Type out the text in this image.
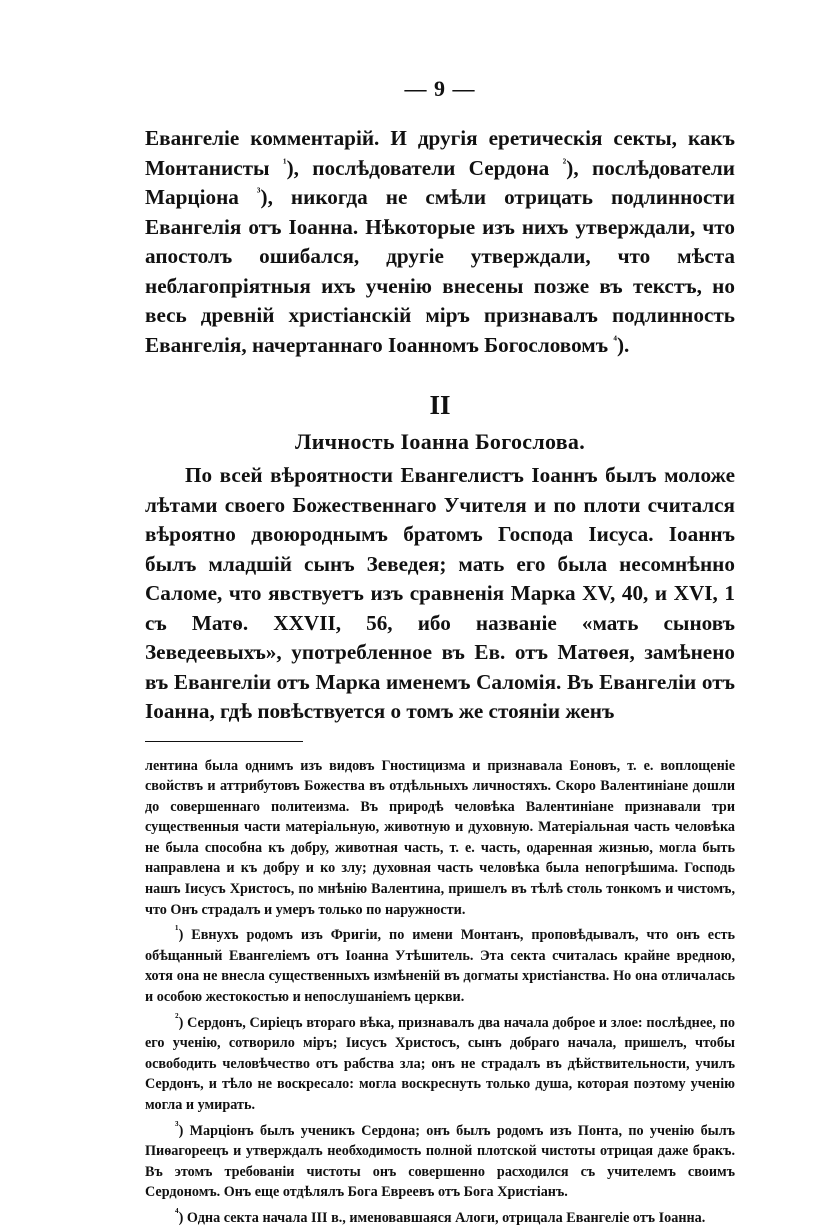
— 9 —

Евангеліе комментарій. И другія еретическія секты, какъ Монтанисты $^{^1}$), послѣдователи Сердона $^{^2}$), послѣдователи Марціона $^{^3}$), никогда не смѣли отрицать подлинности Евангелія отъ Іоанна. Нѣкоторые изъ нихъ утверждали, что апостолъ ошибался, другіе утверждали, что мѣста неблагопріятныя ихъ ученію внесены позже въ текстъ, но весь древній христіанскій міръ признавалъ подлинность Евангелія, начертаннаго Іоанномъ Богословомъ $^{^4}$).

II
Личность Іоанна Богослова.

По всей вѣроятности Евангелистъ Іоаннъ былъ моложе лѣтами своего Божественнаго Учителя и по плоти считался вѣроятно двоюроднымъ братомъ Господа Іисуса. Іоаннъ былъ младшій сынъ Зеведея; мать его была несомнѣнно Саломе, что явствуетъ изъ сравненія Марка XV, 40, и XVI, 1 съ Матѳ. XXVII, 56, ибо названіе «мать сыновъ Зеведеевыхъ», употребленное въ Ев. отъ Матѳея, замѣнено въ Евангеліи отъ Марка именемъ Саломія. Въ Евангеліи отъ Іоанна, гдѣ повѣствуется о томъ же стояніи женъ

лентина была однимъ изъ видовъ Гностицизма и признавала Еоновъ, т. е. воплощеніе свойствъ и аттрибутовъ Божества въ отдѣльныхъ личностяхъ. Скоро Валентиніане дошли до совершеннаго политеизма. Въ природѣ человѣка Валентиніане признавали три существенныя части матеріальную, животную и духовную. Матеріальная часть человѣка не была способна къ добру, животная часть, т. е. часть, одаренная жизнью, могла быть направлена и къ добру и ко злу; духовная часть человѣка была непогрѣшима. Господь нашъ Іисусъ Христосъ, по мнѣнію Валентина, пришелъ въ тѣлѣ столь тонкомъ и чистомъ, что Онъ страдалъ и умеръ только по наружности.

$^{^1}$) Евнухъ родомъ изъ Фригіи, по имени Монтанъ, проповѣдывалъ, что онъ есть обѣщанный Евангеліемъ отъ Іоанна Утѣшитель. Эта секта считалась крайне вредною, хотя она не внесла существенныхъ измѣненій въ догматы христіанства. Но она отличалась и особою жестокостью и непослушаніемъ церкви.

$^{^2}$) Сердонъ, Сиріецъ втораго вѣка, признавалъ два начала доброе и злое: послѣднее, по его ученію, сотворило міръ; Іисусъ Христосъ, сынъ добраго начала, пришелъ, чтобы освободить человѣчество отъ рабства зла; онъ не страдалъ въ дѣйствительности, училъ Сердонъ, и тѣло не воскресало: могла воскреснуть только душа, которая поэтому ученію могла и умирать.

$^{^3}$) Марціонъ былъ ученикъ Сердона; онъ былъ родомъ изъ Понта, по ученію былъ Пиѳагореецъ и утверждалъ необходимость полной плотской чистоты отрицая даже бракъ. Въ этомъ требованіи чистоты онъ совершенно расходился съ учителемъ своимъ Сердономъ. Онъ еще отдѣлялъ Бога Евреевъ отъ Бога Христіанъ.

$^{^4}$) Одна секта начала III в., именовавшаяся Алоги, отрицала Евангеліе отъ Іоанна.
